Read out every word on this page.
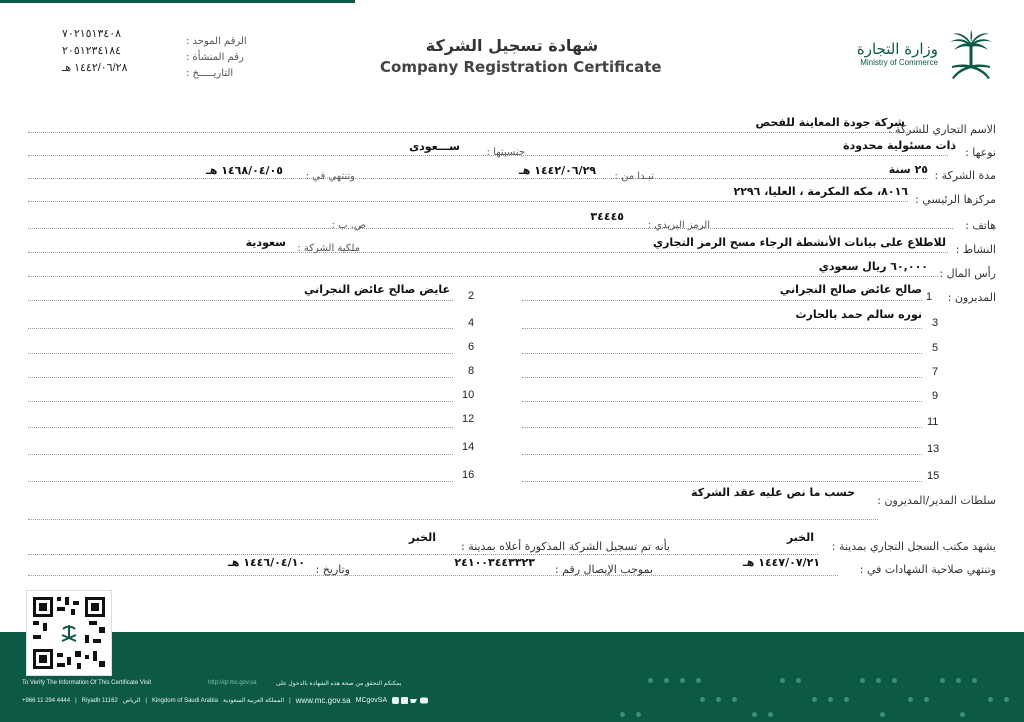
٧٠٢١٥١٣٤٠٨
٢٠٥١٢٣٤١٨٤
١٤٤٢/٠٦/٢٨ هـ
الرقم الموحد :
رقم المنشأة :
التاريـــــخ :
شهادة تسجيل الشركة
Company Registration Certificate
وزارة التجارة
Ministry of Commerce
الاسم التجاري للشركة :
شركة جودة المعاينة للفحص
نوعها :
ذات مسئولية محدودة
جنسيتها :
ســـعودى
مدة الشركة :
٢٥ سنة
تبـدا من :
١٤٤٢/٠٦/٢٩ هـ
وتنتهي في :
١٤٦٨/٠٤/٠٥ هـ
مركزها الرئيسي :
٨٠١٦، مكه المكرمة ، العليا، ٢٢٩٦
هاتف :
الرمز البريدي :
٣٤٤٤٥
ص. ب :
النشاط :
للاطلاع على بيانات الأنشطة الرجاء مسح الرمز التجاري
ملكية الشركة :
سعودية
رأس المال :
٦٠,٠٠٠ ريال سعودي
المديرون :
1
صالح عائض صالح النجراني
3
نوره سالم حمد بالحارث
5
7
9
11
13
15
2
عايض صالح عائض النجراني
4
6
8
10
12
14
16
سلطات المدير/المديرون :
حسب ما نص عليه عقد الشركة
يشهد مكتب السجل التجاري بمدينة :
الخبر
بأنه تم تسجيل الشركة المذكورة أعلاه بمدينة :
الخبر
وتنتهي صلاحية الشهادات في :
١٤٤٧/٠٧/٢١ هـ
بموجب الإيصال رقم :
٢٤١٠٠٣٤٤٣٣٢٣
وتاريخ :
١٤٤٦/٠٤/١٠ هـ
To Verify The Information Of This Certificate Visit	http://qr.mc.gov.sa	يمكنكم التحقق من صحة هذه الشهادة بالدخول على
+966 11 294 4444 | Riyadh 11162 الرياض | Kingdom of Saudi Arabia المملكة العربية السعودية | www.mc.gov.sa MCgovSA
